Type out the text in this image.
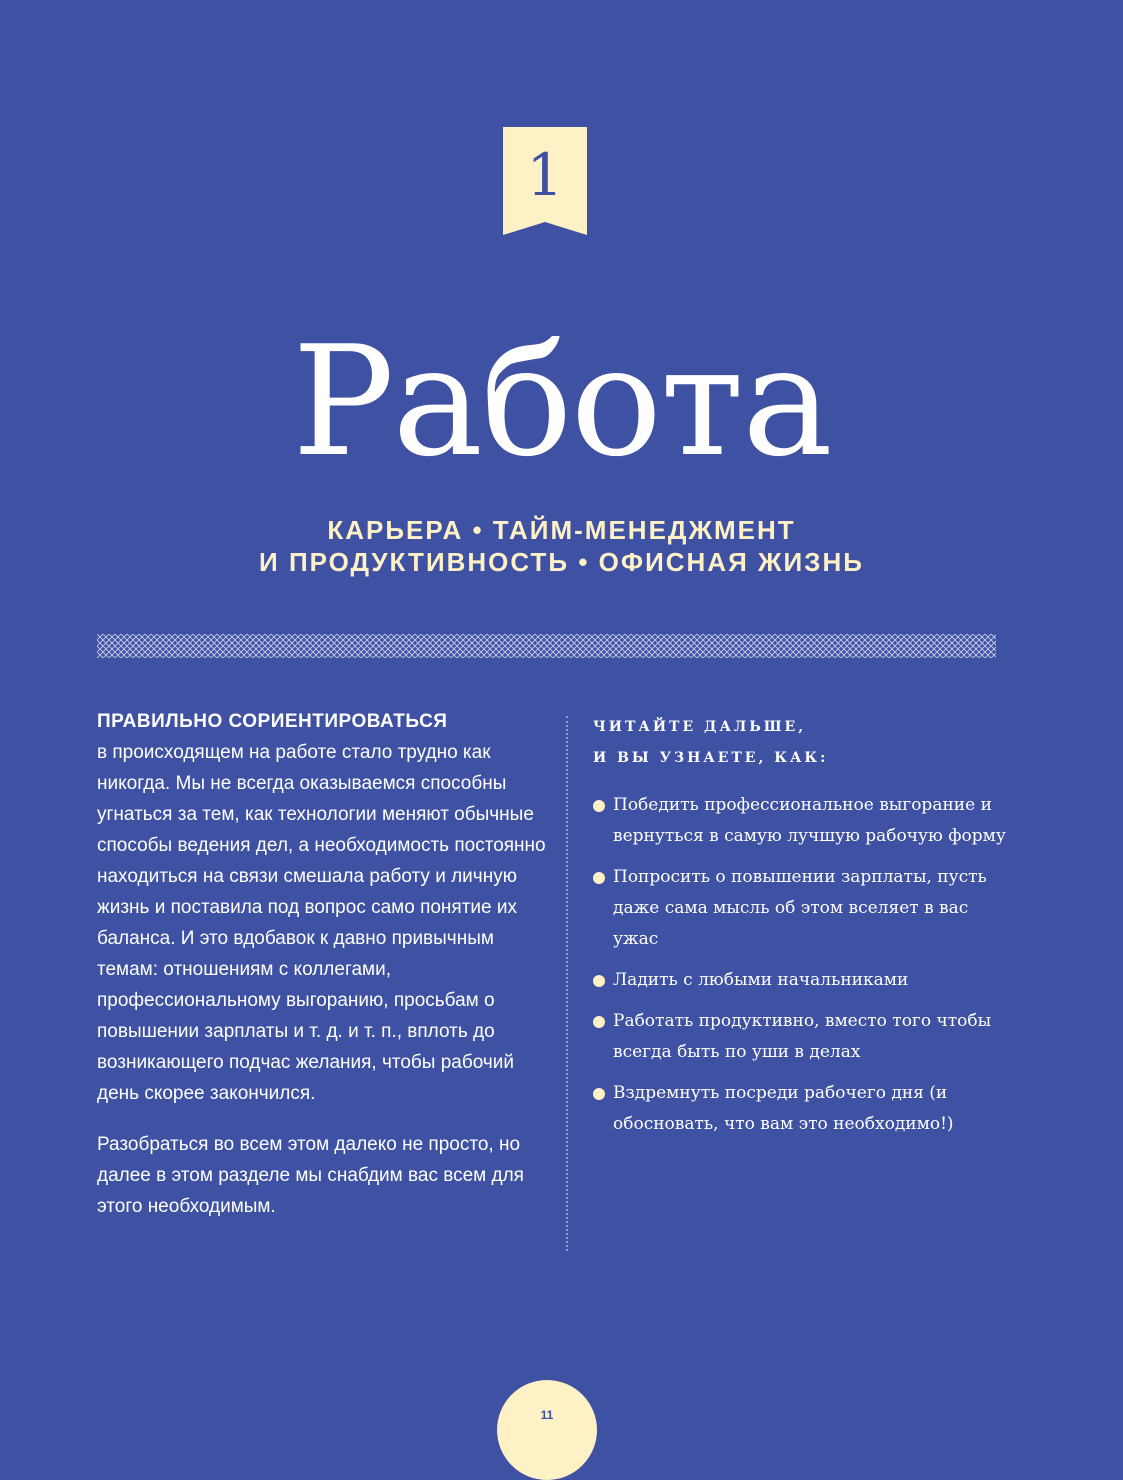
1
Работа
КАРЬЕРА • ТАЙМ-МЕНЕДЖМЕНТ
И ПРОДУКТИВНОСТЬ • ОФИСНАЯ ЖИЗНЬ

ПРАВИЛЬНО СОРИЕНТИРОВАТЬСЯ
в происходящем на работе стало трудно как никогда. Мы не всегда оказываемся способны угнаться за тем, как технологии меняют обычные способы ведения дел, а необходимость постоянно находиться на связи смешала работу и личную жизнь и поставила под вопрос само понятие их баланса. И это вдобавок к давно привычным темам: отношениям с коллегами, профессиональному выгоранию, просьбам о повышении зарплаты и т. д. и т. п., вплоть до возникающего подчас желания, чтобы рабочий день скорее закончился.

Разобраться во всем этом далеко не просто, но далее в этом разделе мы снабдим вас всем для этого необходимым.

ЧИТАЙТЕ ДАЛЬШЕ,
И ВЫ УЗНАЕТЕ, КАК:
Победить профессиональное выгорание и вернуться в самую лучшую рабочую форму
Попросить о повышении зарплаты, пусть даже сама мысль об этом вселяет в вас ужас
Ладить с любыми начальниками
Работать продуктивно, вместо того чтобы всегда быть по уши в делах
Вздремнуть посреди рабочего дня (и обосновать, что вам это необходимо!)
11
